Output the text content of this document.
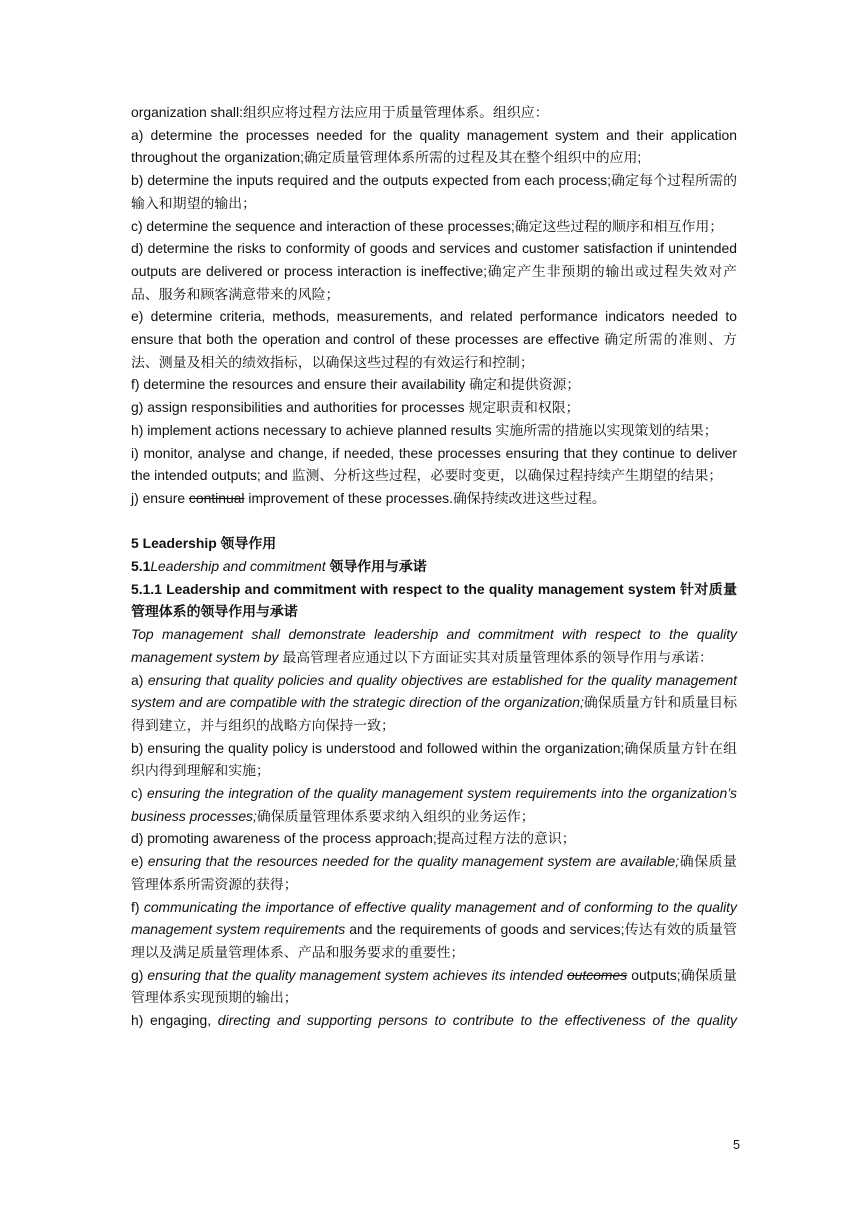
organization shall:组织应将过程方法应用于质量管理体系。组织应：

a) determine the processes needed for the quality management system and their application throughout the organization;确定质量管理体系所需的过程及其在整个组织中的应用;

b) determine the inputs required and the outputs expected from each process;确定每个过程所需的输入和期望的输出；

c) determine the sequence and interaction of these processes;确定这些过程的顺序和相互作用；

d) determine the risks to conformity of goods and services and customer satisfaction if unintended outputs are delivered or process interaction is ineffective;确定产生非预期的输出或过程失效对产品、服务和顾客满意带来的风险；

e) determine criteria, methods, measurements, and related performance indicators needed to ensure that both the operation and control of these processes are effective 确定所需的准则、方法、测量及相关的绩效指标，以确保这些过程的有效运行和控制；

f) determine the resources and ensure their availability 确定和提供资源；

g) assign responsibilities and authorities for processes 规定职责和权限；

h) implement actions necessary to achieve planned results 实施所需的措施以实现策划的结果；

i) monitor, analyse and change, if needed, these processes ensuring that they continue to deliver the intended outputs; and 监测、分析这些过程，必要时变更，以确保过程持续产生期望的结果；

j) ensure continual improvement of these processes.确保持续改进这些过程。

5 Leadership 领导作用

5.1Leadership and commitment 领导作用与承诺

5.1.1 Leadership and commitment with respect to the quality management system 针对质量管理体系的领导作用与承诺

Top management shall demonstrate leadership and commitment with respect to the quality management system by 最高管理者应通过以下方面证实其对质量管理体系的领导作用与承诺：

a) ensuring that quality policies and quality objectives are established for the quality management system and are compatible with the strategic direction of the organization;确保质量方针和质量目标得到建立，并与组织的战略方向保持一致；

b) ensuring the quality policy is understood and followed within the organization;确保质量方针在组织内得到理解和实施；

c) ensuring the integration of the quality management system requirements into the organization’s business processes;确保质量管理体系要求纳入组织的业务运作；

d) promoting awareness of the process approach;提高过程方法的意识；

e) ensuring that the resources needed for the quality management system are available;确保质量管理体系所需资源的获得；

f) communicating the importance of effective quality management and of conforming to the quality management system requirements and the requirements of goods and services;传达有效的质量管理以及满足质量管理体系、产品和服务要求的重要性；

g) ensuring that the quality management system achieves its intended outcomes outputs;确保质量管理体系实现预期的输出；

h) engaging, directing and supporting persons to contribute to the effectiveness of the quality

5
